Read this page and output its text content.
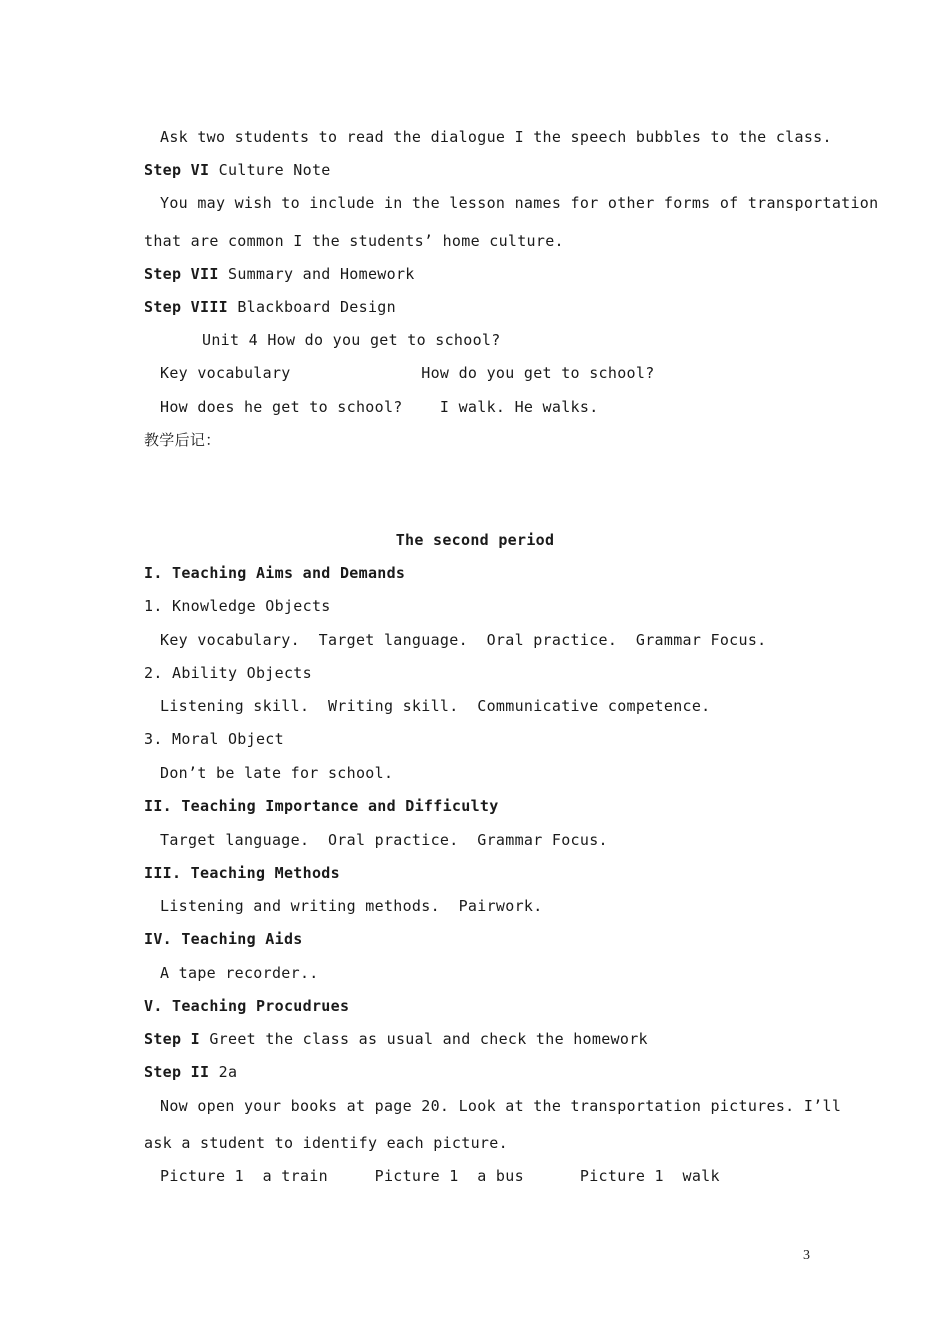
Ask two students to read the dialogue I the speech bubbles to the class.
Step VI Culture Note
You may wish to include in the lesson names for other forms of transportation
that are common I the students’ home culture.
Step VII Summary and Homework
Step VIII Blackboard Design
Unit 4 How do you get to school?
Key vocabulary              How do you get to school?
How does he get to school?    I walk. He walks.
教学后记：
The second period
I. Teaching Aims and Demands
1. Knowledge Objects
Key vocabulary.  Target language.  Oral practice.  Grammar Focus.
2. Ability Objects
Listening skill.  Writing skill.  Communicative competence.
3. Moral Object
Don’t be late for school.
II. Teaching Importance and Difficulty
Target language.  Oral practice.  Grammar Focus.
III. Teaching Methods
Listening and writing methods.  Pairwork.
IV. Teaching Aids
A tape recorder..
V. Teaching Procudrues
Step I Greet the class as usual and check the homework
Step II 2a
Now open your books at page 20. Look at the transportation pictures. I’ll
ask a student to identify each picture.
Picture 1  a train     Picture 1  a bus      Picture 1  walk
3
